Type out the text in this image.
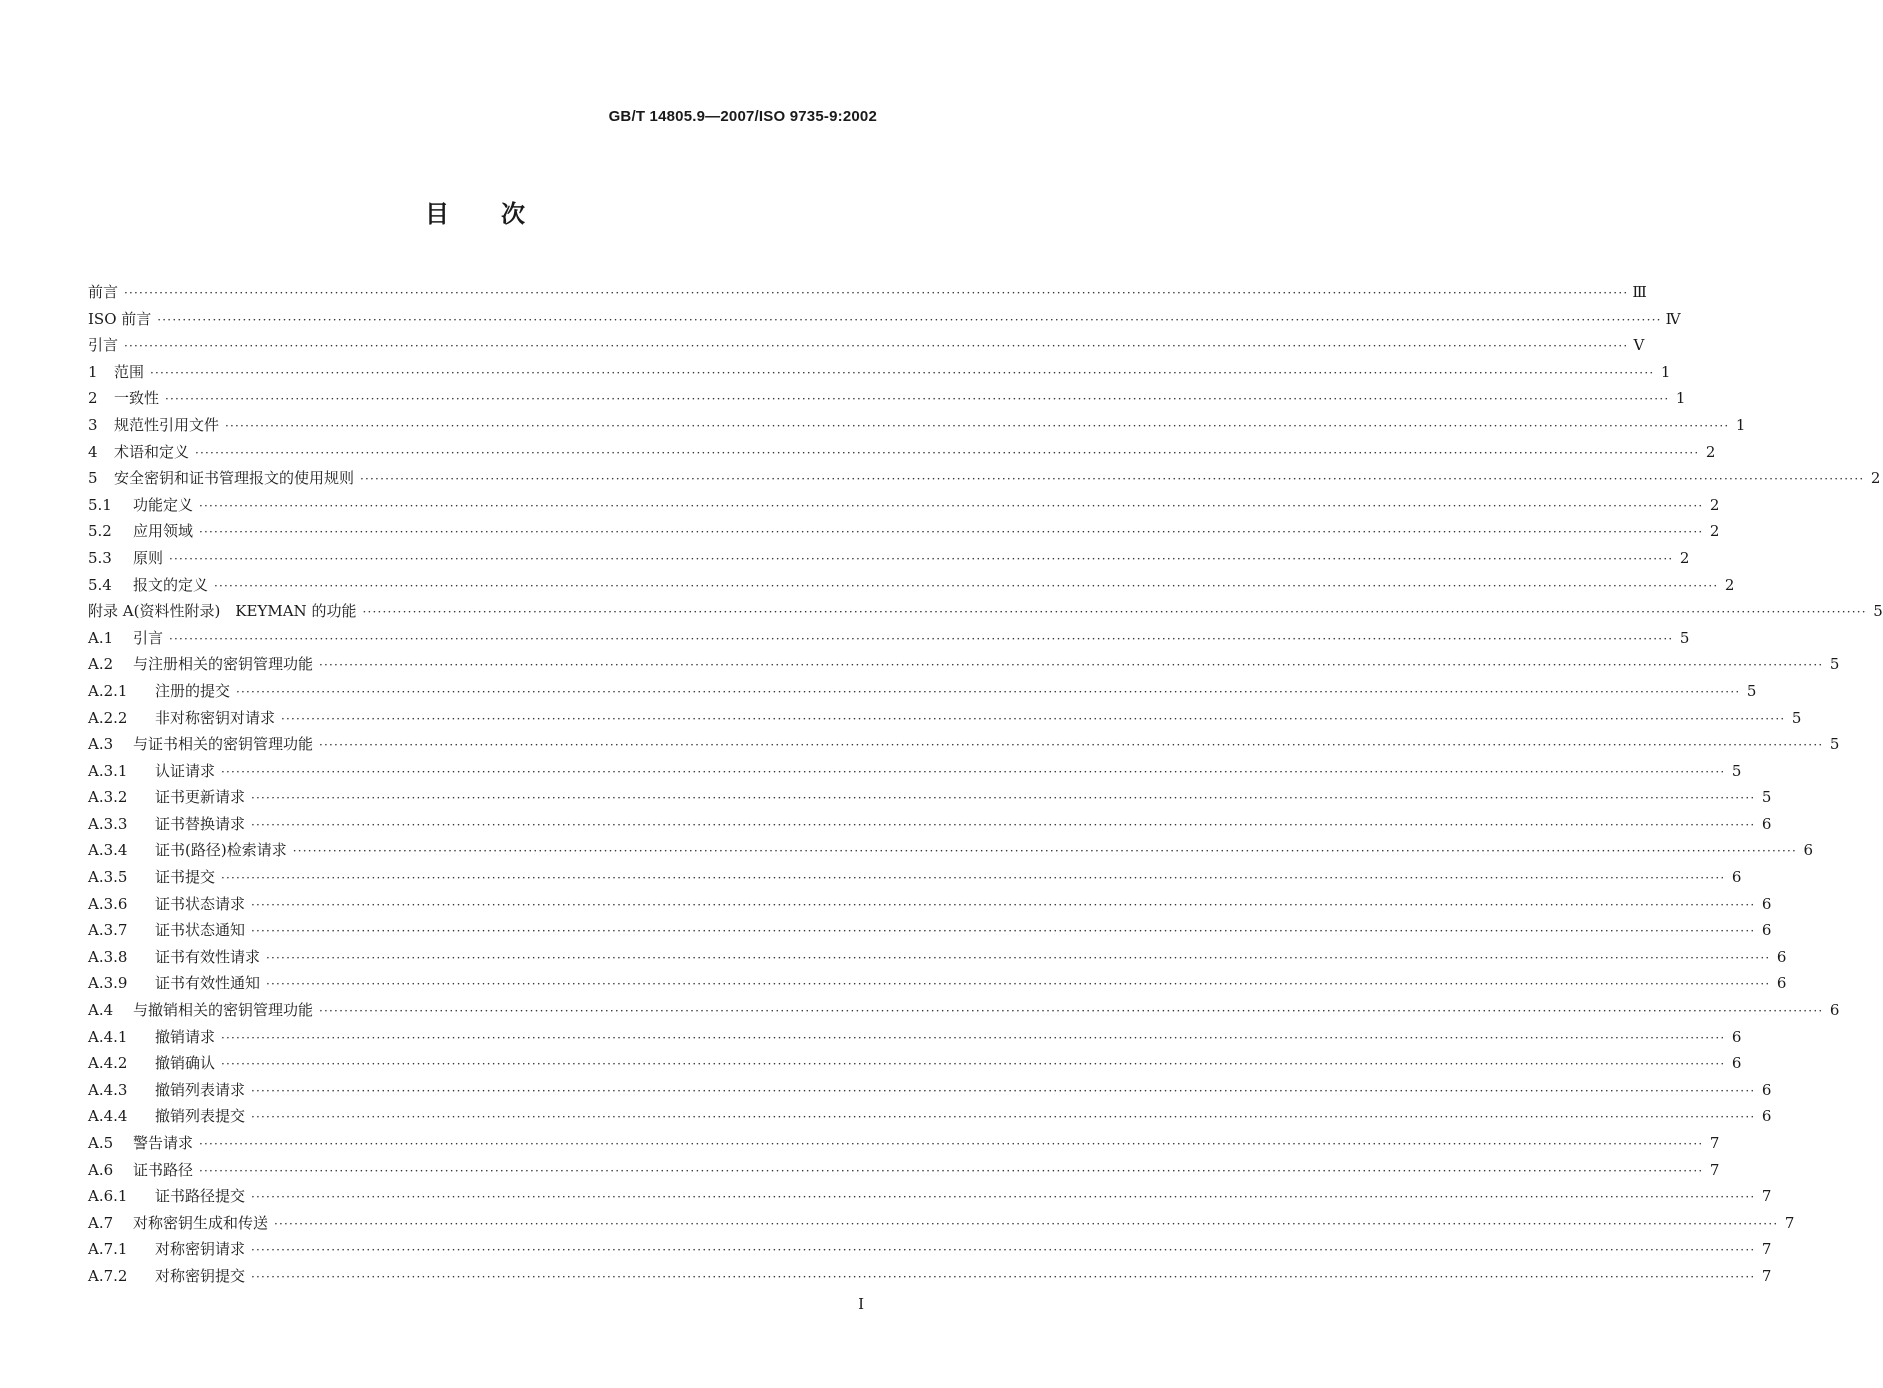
GB/T 14805.9—2007/ISO 9735-9:2002
目次
前言 ············································································································································································································································································································ Ⅲ
ISO 前言 ············································································································································································································································································································ Ⅳ
引言 ············································································································································································································································································································ Ⅴ
1	范围 ············································································································································································································································································································ 1
2	一致性 ············································································································································································································································································································ 1
3	规范性引用文件 ············································································································································································································································································································ 1
4	术语和定义 ············································································································································································································································································································ 2
5	安全密钥和证书管理报文的使用规则 ············································································································································································································································································································ 2
5.1	功能定义 ············································································································································································································································································································ 2
5.2	应用领域 ············································································································································································································································································································ 2
5.3	原则 ············································································································································································································································································································ 2
5.4	报文的定义 ············································································································································································································································································································ 2
附录 A(资料性附录)　KEYMAN 的功能 ············································································································································································································································································································ 5
A.1	引言 ············································································································································································································································································································ 5
A.2	与注册相关的密钥管理功能 ············································································································································································································································································································ 5
A.2.1	注册的提交 ············································································································································································································································································································ 5
A.2.2	非对称密钥对请求 ············································································································································································································································································································ 5
A.3	与证书相关的密钥管理功能 ············································································································································································································································································································ 5
A.3.1	认证请求 ············································································································································································································································································································ 5
A.3.2	证书更新请求 ············································································································································································································································································································ 5
A.3.3	证书替换请求 ············································································································································································································································································································ 6
A.3.4	证书(路径)检索请求 ············································································································································································································································································································ 6
A.3.5	证书提交 ············································································································································································································································································································ 6
A.3.6	证书状态请求 ············································································································································································································································································································ 6
A.3.7	证书状态通知 ············································································································································································································································································································ 6
A.3.8	证书有效性请求 ············································································································································································································································································································ 6
A.3.9	证书有效性通知 ············································································································································································································································································································ 6
A.4	与撤销相关的密钥管理功能 ············································································································································································································································································································ 6
A.4.1	撤销请求 ············································································································································································································································································································ 6
A.4.2	撤销确认 ············································································································································································································································································································ 6
A.4.3	撤销列表请求 ············································································································································································································································································································ 6
A.4.4	撤销列表提交 ············································································································································································································································································································ 6
A.5	警告请求 ············································································································································································································································································································ 7
A.6	证书路径 ············································································································································································································································································································ 7
A.6.1	证书路径提交 ············································································································································································································································································································ 7
A.7	对称密钥生成和传送 ············································································································································································································································································································ 7
A.7.1	对称密钥请求 ············································································································································································································································································································ 7
A.7.2	对称密钥提交 ············································································································································································································································································································ 7
Ⅰ
